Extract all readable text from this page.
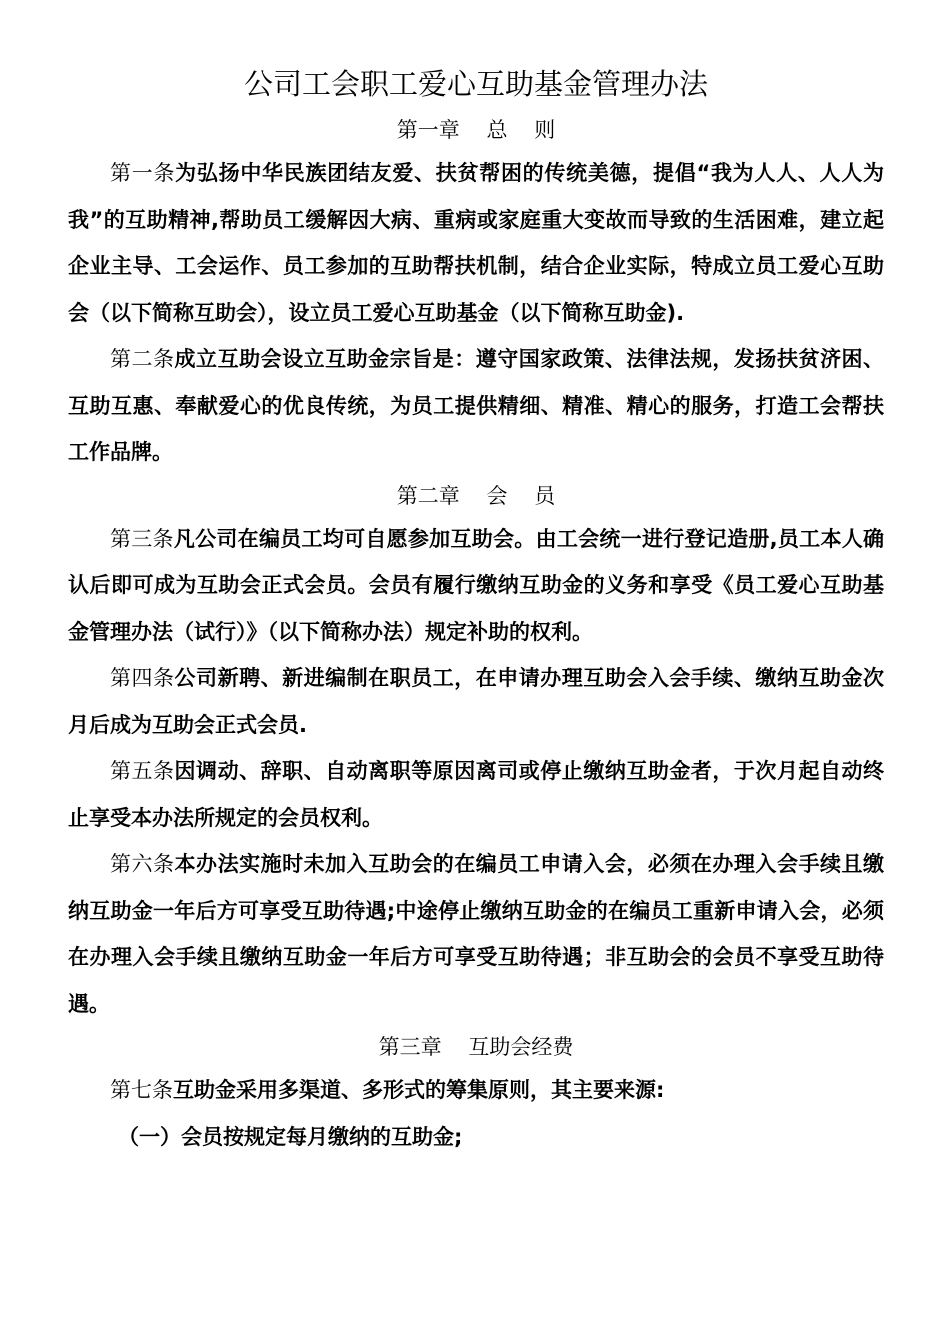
公司工会职工爱心互助基金管理办法
第一章    总    则

第一条为弘扬中华民族团结友爱、扶贫帮困的传统美德，提倡“我为人人、人人为我”的互助精神,帮助员工缓解因大病、重病或家庭重大变故而导致的生活困难，建立起企业主导、工会运作、员工参加的互助帮扶机制，结合企业实际，特成立员工爱心互助会（以下简称互助会），设立员工爱心互助基金（以下简称互助金).

第二条成立互助会设立互助金宗旨是：遵守国家政策、法律法规，发扬扶贫济困、互助互惠、奉献爱心的优良传统，为员工提供精细、精准、精心的服务，打造工会帮扶工作品牌。

第二章    会    员

第三条凡公司在编员工均可自愿参加互助会。由工会统一进行登记造册,员工本人确认后即可成为互助会正式会员。会员有履行缴纳互助金的义务和享受《员工爱心互助基金管理办法（试行）》（以下简称办法）规定补助的权利。

第四条公司新聘、新进编制在职员工，在申请办理互助会入会手续、缴纳互助金次月后成为互助会正式会员.

第五条因调动、辞职、自动离职等原因离司或停止缴纳互助金者，于次月起自动终止享受本办法所规定的会员权利。

第六条本办法实施时未加入互助会的在编员工申请入会，必须在办理入会手续且缴纳互助金一年后方可享受互助待遇;中途停止缴纳互助金的在编员工重新申请入会，必须在办理入会手续且缴纳互助金一年后方可享受互助待遇；非互助会的会员不享受互助待遇。

第三章    互助会经费

第七条互助金采用多渠道、多形式的筹集原则，其主要来源:

（一）会员按规定每月缴纳的互助金;
